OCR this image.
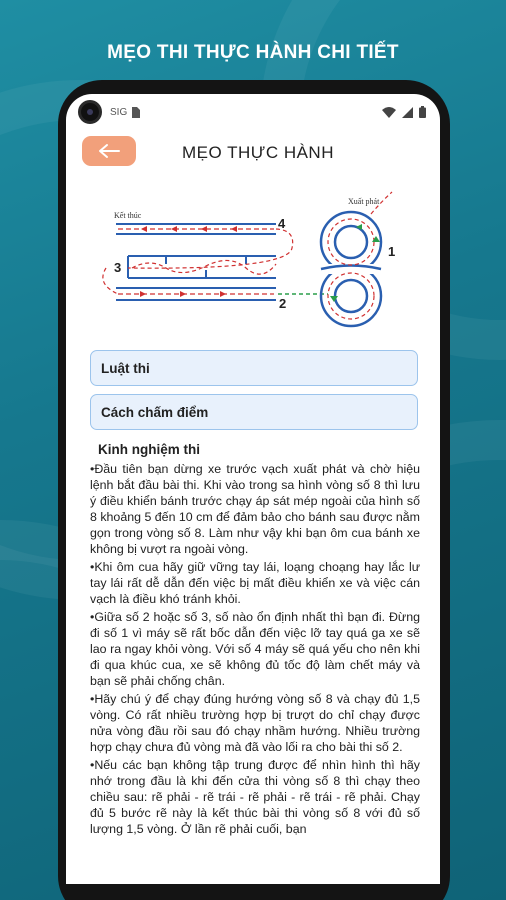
MẸO THI THỰC HÀNH CHI TIẾT
SIG
MẸO THỰC HÀNH
Kết thúc
Xuất phát
1
2
3
4
Luật thi
Cách chấm điểm
Kinh nghiệm thi

•Đầu tiên bạn dừng xe trước vạch xuất phát và chờ hiệu lệnh bắt đầu bài thi. Khi vào trong sa hình vòng số 8 thì lưu ý điều khiển bánh trước chạy áp sát mép ngoài của hình số 8 khoảng 5 đến 10 cm để đảm bảo cho bánh sau được nằm gọn trong vòng số 8. Làm như vậy khi bạn ôm cua bánh xe không bị vượt ra ngoài vòng.

•Khi ôm cua hãy giữ vững tay lái, loạng choạng hay lắc lư tay lái rất dễ dẫn đến việc bị mất điều khiển xe và việc cán vạch là điều khó tránh khỏi.

•Giữa số 2 hoặc số 3, số nào ổn định nhất thì bạn đi. Đừng đi số 1 vì máy sẽ rất bốc dẫn đến việc lỡ tay quá ga xe sẽ lao ra ngay khỏi vòng. Với số 4 máy sẽ quá yếu cho nên khi đi qua khúc cua, xe sẽ không đủ tốc độ làm chết máy và bạn sẽ phải chống chân.

•Hãy chú ý để chạy đúng hướng vòng số 8 và chạy đủ 1,5 vòng. Có rất nhiều trường hợp bị trượt do chỉ chạy được nửa vòng đầu rồi sau đó chạy nhầm hướng. Nhiều trường hợp chạy chưa đủ vòng mà đã vào lối ra cho bài thi số 2.

•Nếu các bạn không tập trung được để nhìn hình thì hãy nhớ trong đầu là khi đến cửa thi vòng số 8 thì chạy theo chiều sau: rẽ phải - rẽ trái - rẽ phải - rẽ trái - rẽ phải. Chạy đủ 5 bước rẽ này là kết thúc bài thi vòng số 8 với đủ số lượng 1,5 vòng. Ở lần rẽ phải cuối, bạn
